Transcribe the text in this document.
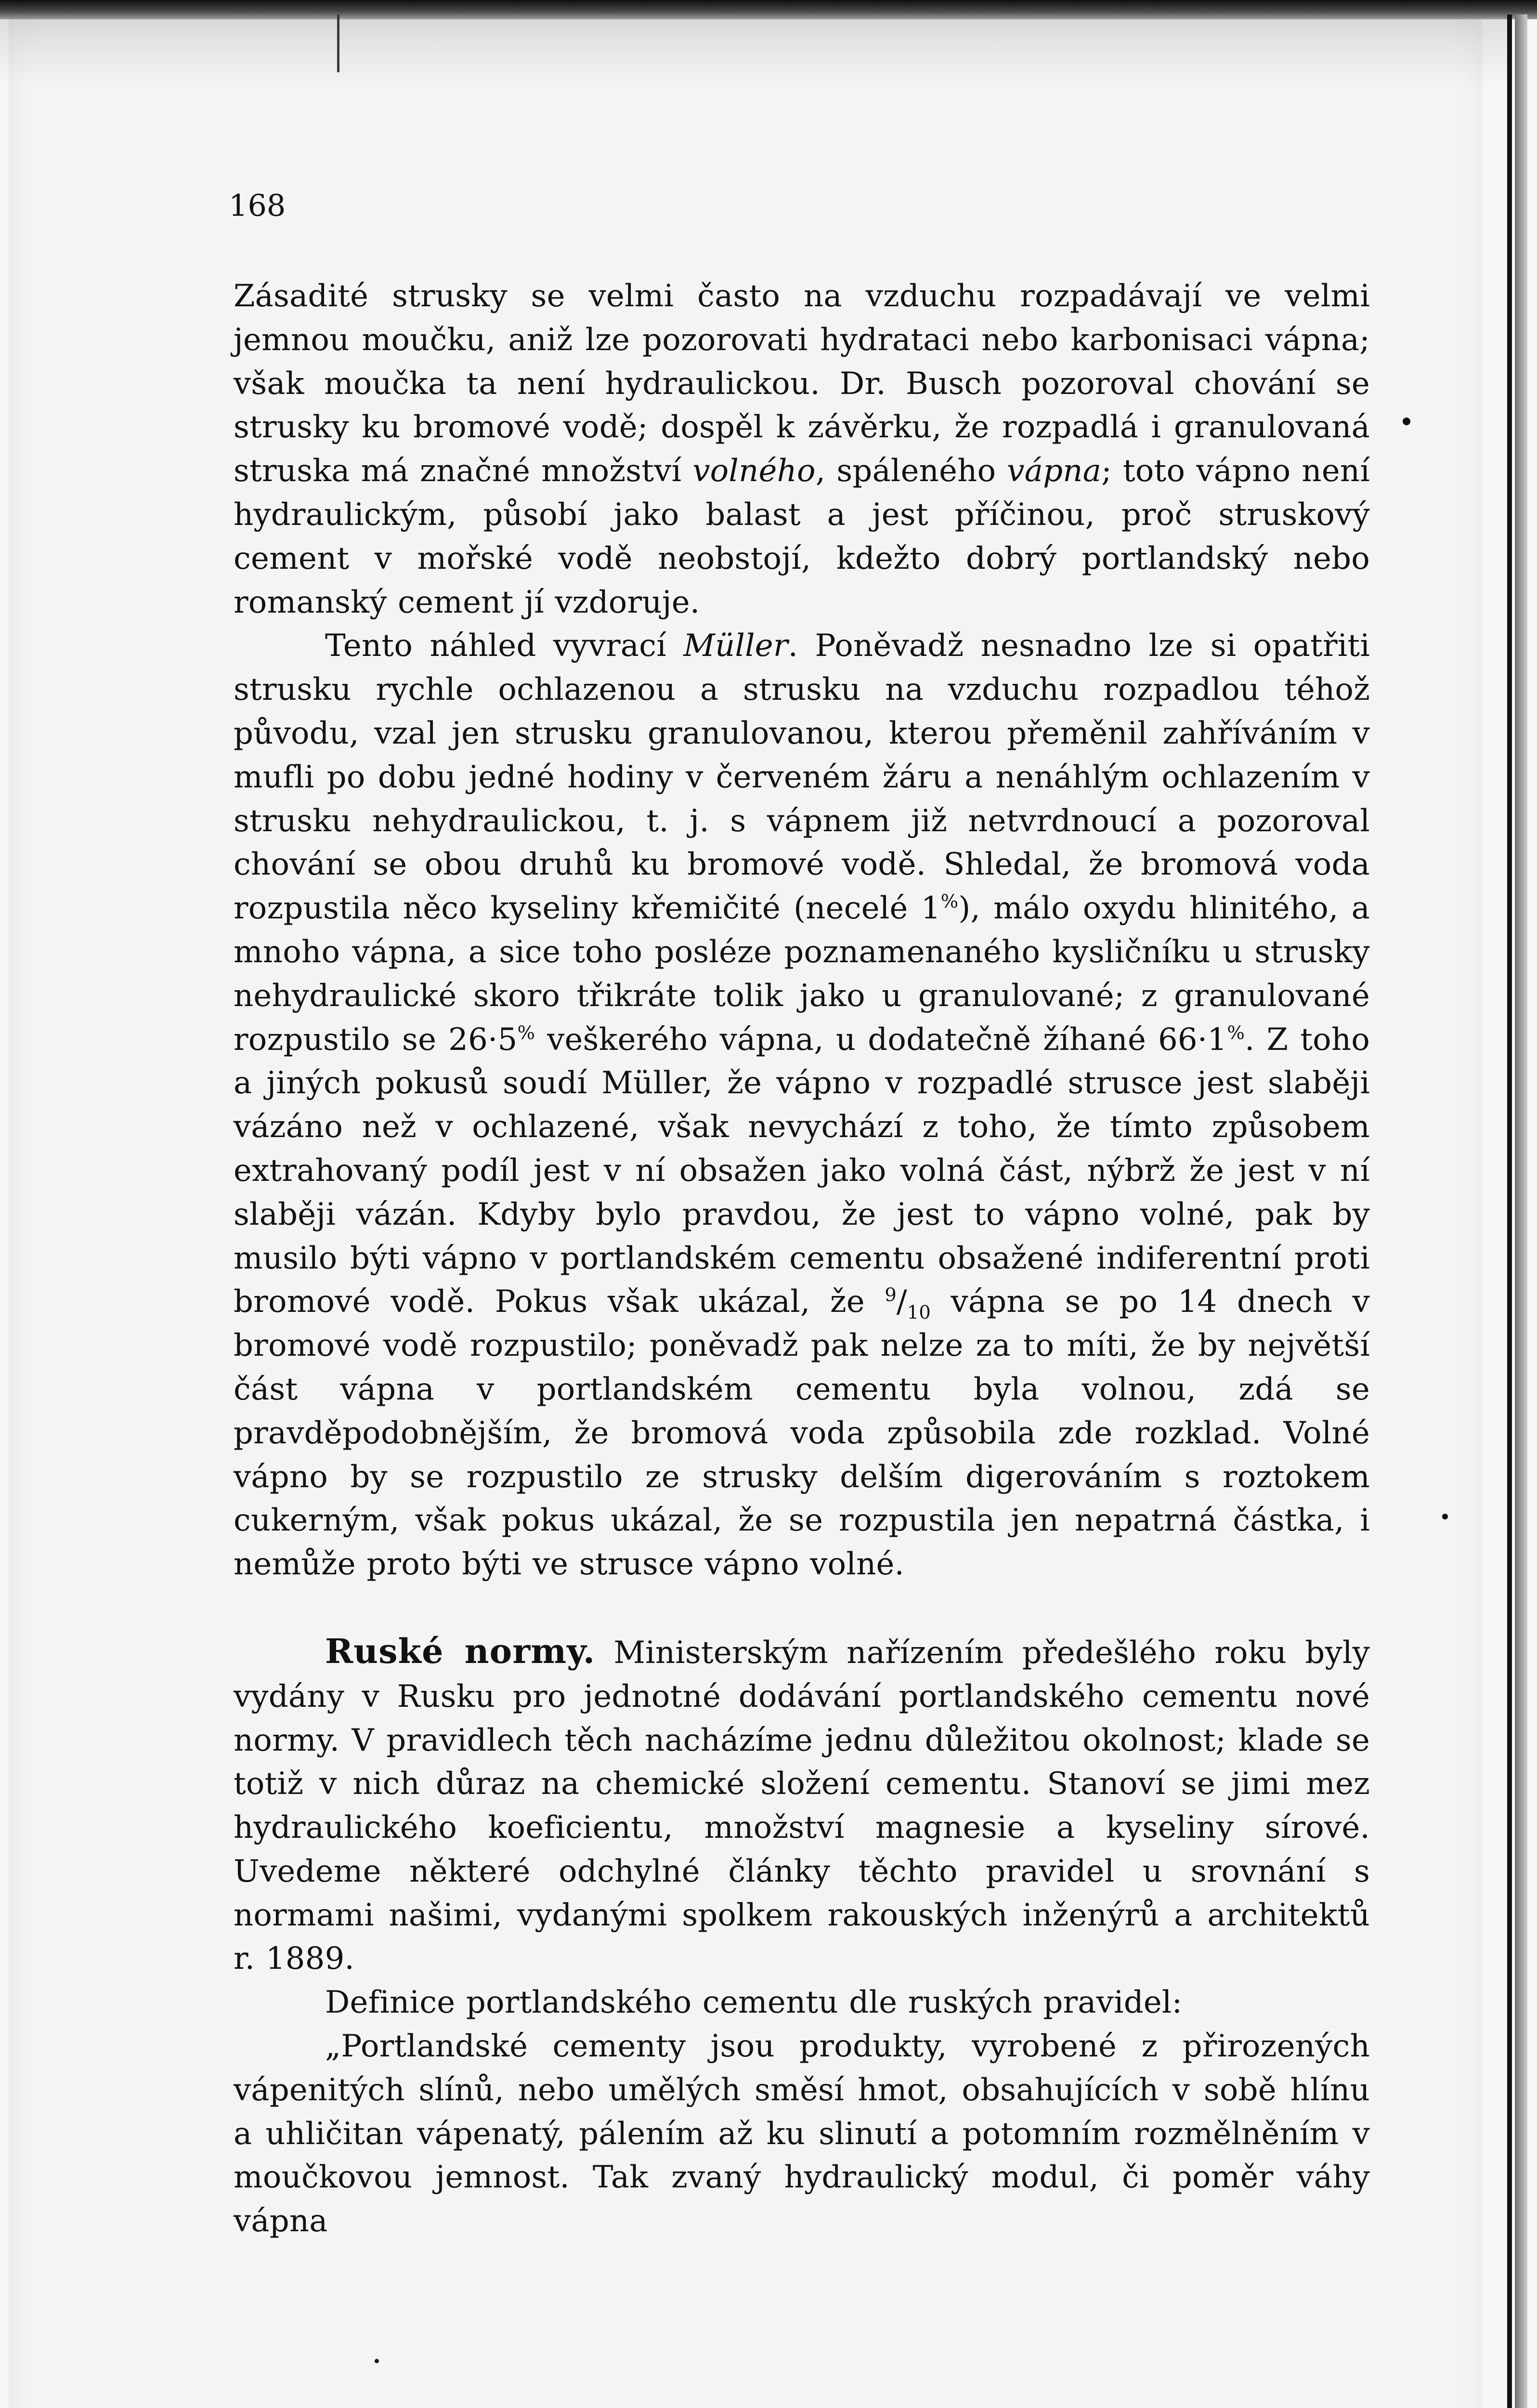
168

Zásadité strusky se velmi často na vzduchu rozpadávají ve velmi jemnou moučku, aniž lze pozorovati hydrataci nebo karbonisaci vápna; však moučka ta není hydraulickou. Dr. Busch pozoroval chování se strusky ku bromové vodě; dospěl k závěrku, že rozpadlá i granulovaná struska má značné množství volného, spáleného vápna; toto vápno není hydraulickým, působí jako balast a jest příčinou, proč struskový cement v mořské vodě neobstojí, kdežto dobrý portlandský nebo romanský cement jí vzdoruje.

Tento náhled vyvrací Müller. Poněvadž nesnadno lze si opatřiti strusku rychle ochlazenou a strusku na vzduchu rozpadlou téhož původu, vzal jen strusku granulovanou, kterou přeměnil zahříváním v mufli po dobu jedné hodiny v červeném žáru a nenáhlým ochlazením v strusku nehydraulickou, t. j. s vápnem již netvrdnoucí a pozoroval chování se obou druhů ku bromové vodě. Shledal, že bromová voda rozpustila něco kyseliny křemičité (necelé 1%), málo oxydu hlinitého, a mnoho vápna, a sice toho posléze poznamenaného kysličníku u strusky nehydraulické skoro třikráte tolik jako u granulované; z granulované rozpustilo se 26·5% veškerého vápna, u dodatečně žíhané 66·1%. Z toho a jiných pokusů soudí Müller, že vápno v rozpadlé strusce jest slaběji vázáno než v ochlazené, však nevychází z toho, že tímto způsobem extrahovaný podíl jest v ní obsažen jako volná část, nýbrž že jest v ní slaběji vázán. Kdyby bylo pravdou, že jest to vápno volné, pak by musilo býti vápno v portlandském cementu obsažené indiferentní proti bromové vodě. Pokus však ukázal, že $^9/_{10}$ vápna se po 14 dnech v bromové vodě rozpustilo; poněvadž pak nelze za to míti, že by největší část vápna v portlandském cementu byla volnou, zdá se pravděpodobnějším, že bromová voda způsobila zde rozklad. Volné vápno by se rozpustilo ze strusky delším digerováním s roztokem cukerným, však pokus ukázal, že se rozpustila jen nepatrná částka, i nemůže proto býti ve strusce vápno volné.

Ruské normy. Ministerským nařízením předešlého roku byly vydány v Rusku pro jednotné dodávání portlandského cementu nové normy. V pravidlech těch nacházíme jednu důležitou okolnost; klade se totiž v nich důraz na chemické složení cementu. Stanoví se jimi mez hydraulického koeficientu, množství magnesie a kyseliny sírové. Uvedeme některé odchylné články těchto pravidel u srovnání s normami našimi, vydanými spolkem rakouských inženýrů a architektů r. 1889.

Definice portlandského cementu dle ruských pravidel:

„Portlandské cementy jsou produkty, vyrobené z přirozených vápenitých slínů, nebo umělých směsí hmot, obsahujících v sobě hlínu a uhličitan vápenatý, pálením až ku slinutí a potomním rozmělněním v moučkovou jemnost. Tak zvaný hydraulický modul, či poměr váhy vápna
